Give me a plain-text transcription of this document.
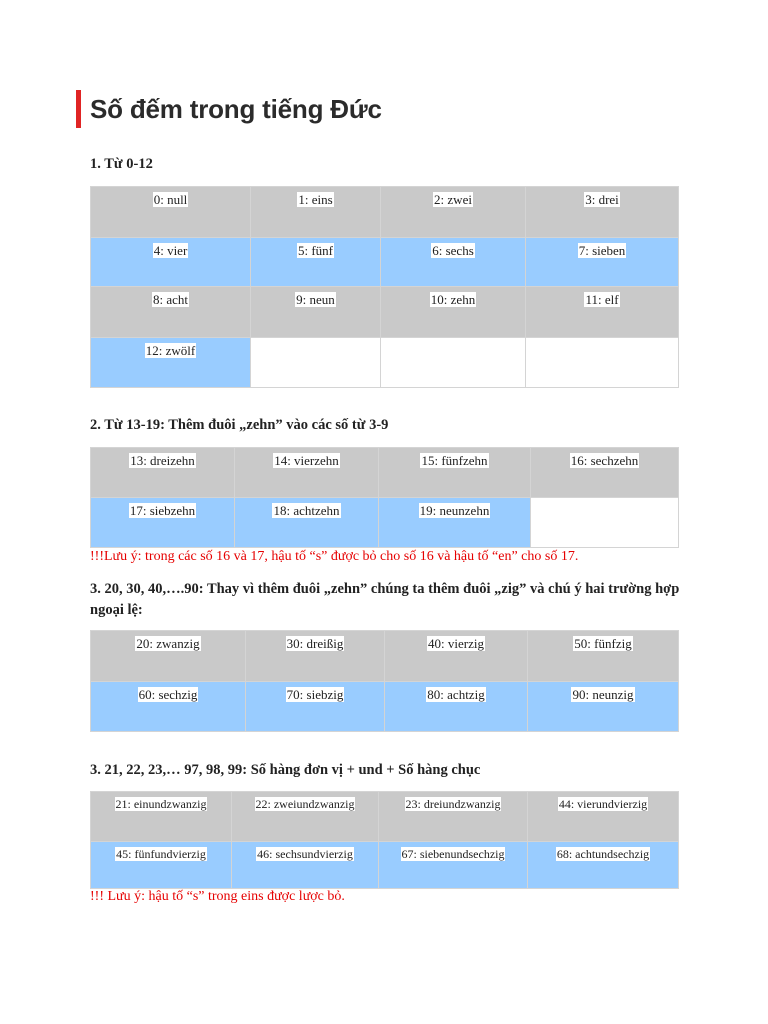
Số đếm trong tiếng Đức
1. Từ 0-12
0: null	1: eins	2: zwei	3: drei
4: vier	5: fünf	6: sechs	7: sieben
8: acht	9: neun	10: zehn	11: elf
12: zwölf			
2. Từ 13-19: Thêm đuôi „zehn” vào các số từ 3-9
13: dreizehn	14: vierzehn	15: fünfzehn	16: sechzehn
17: siebzehn	18: achtzehn	19: neunzehn	
!!!Lưu ý: trong các số 16 và 17, hậu tố “s” được bỏ cho số 16 và hậu tố “en” cho số 17.
3. 20, 30, 40,….90: Thay vì thêm đuôi „zehn” chúng ta thêm đuôi „zig” và chú ý hai trường hợp ngoại lệ:
20: zwanzig	30: dreißig	40: vierzig	50: fünfzig
60: sechzig	70: siebzig	80: achtzig	90: neunzig
3. 21, 22, 23,… 97, 98, 99: Số hàng đơn vị + und + Số hàng chục
21: einundzwanzig	22: zweiundzwanzig	23: dreiundzwanzig	44: vierundvierzig
45: fünfundvierzig	46: sechsundvierzig	67: siebenundsechzig	68: achtundsechzig
!!! Lưu ý: hậu tố “s” trong eins được lược bỏ.
